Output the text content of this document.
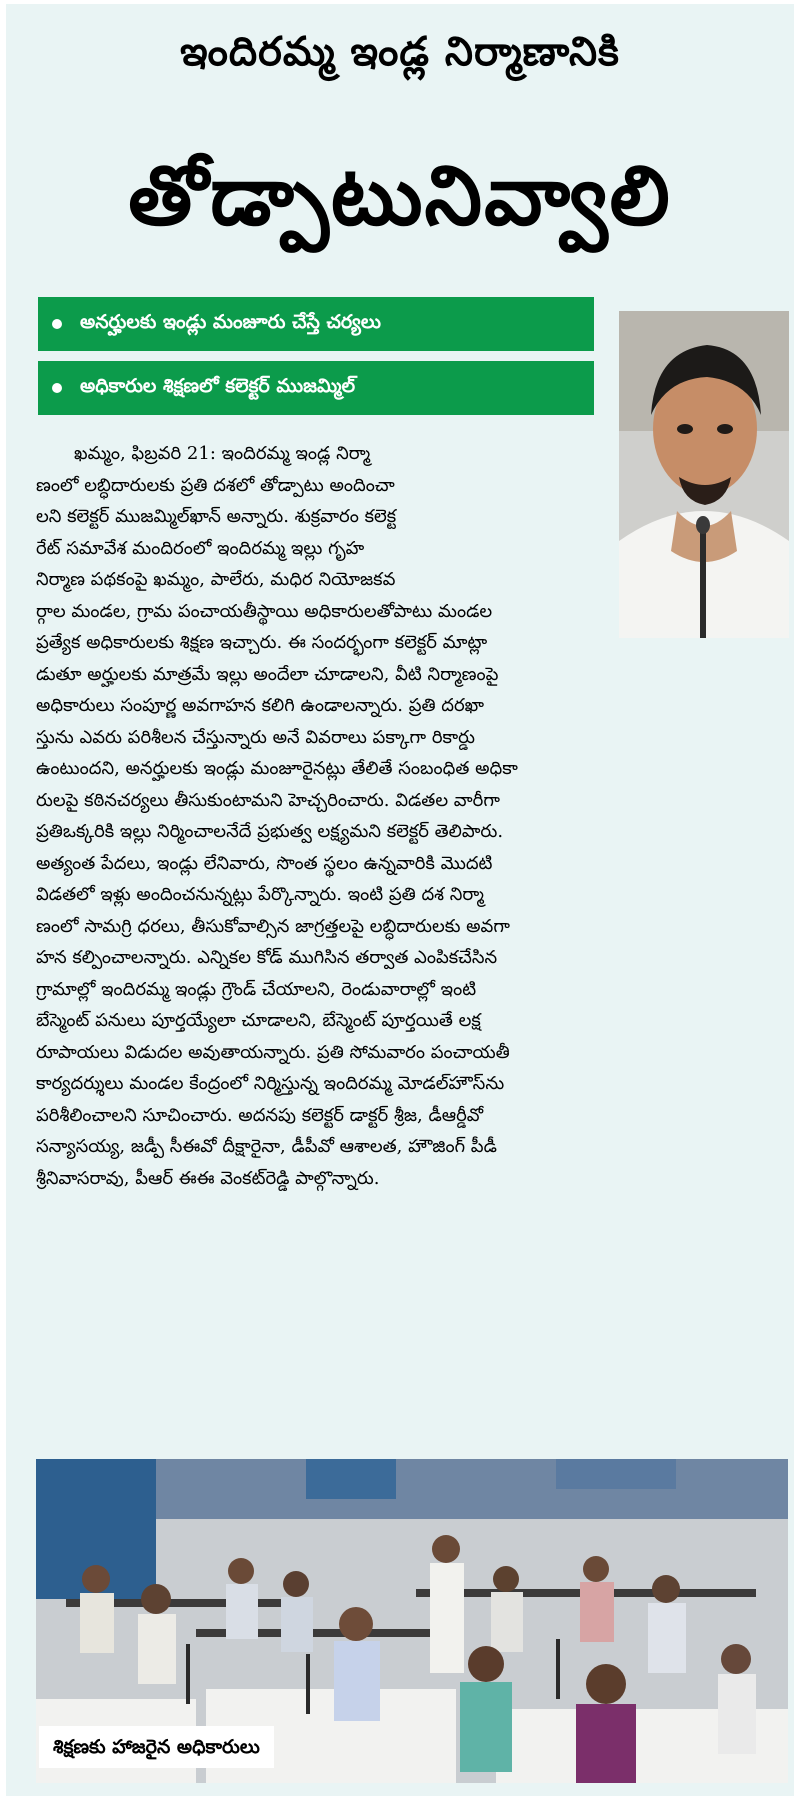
ఇందిరమ్మ ఇండ్ల నిర్మాణానికి
తోడ్పాటునివ్వాలి
అనర్హులకు ఇండ్లు మంజూరు చేస్తే చర్యలు
అధికారుల శిక్షణలో కలెక్టర్ ముజమ్మిల్
ఖమ్మం, ఫిబ్రవరి 21: ఇందిరమ్మ ఇండ్ల నిర్మా
ణంలో లబ్ధిదారులకు ప్రతి దశలో తోడ్పాటు అందించా
లని కలెక్టర్ ముజమ్మిల్‌ఖాన్ అన్నారు. శుక్రవారం కలెక్ట
రేట్ సమావేశ మందిరంలో ఇందిరమ్మ ఇల్లు గృహ
నిర్మాణ పథకంపై ఖమ్మం, పాలేరు, మధిర నియోజకవ
ర్గాల మండల, గ్రామ పంచాయతీస్థాయి అధికారులతోపాటు మండల
ప్రత్యేక అధికారులకు శిక్షణ ఇచ్చారు. ఈ సందర్భంగా కలెక్టర్ మాట్లా
డుతూ అర్హులకు మాత్రమే ఇల్లు అందేలా చూడాలని, వీటి నిర్మాణంపై
అధికారులు సంపూర్ణ అవగాహన కలిగి ఉండాలన్నారు. ప్రతి దరఖా
స్తును ఎవరు పరిశీలన చేస్తున్నారు అనే వివరాలు పక్కాగా రికార్డు
ఉంటుందని, అనర్హులకు ఇండ్లు మంజూరైనట్లు తేలితే సంబంధిత అధికా
రులపై కఠినచర్యలు తీసుకుంటామని హెచ్చరించారు. విడతల వారీగా
ప్రతిఒక్కరికి ఇల్లు నిర్మించాలనేదే ప్రభుత్వ లక్ష్యమని కలెక్టర్ తెలిపారు.
అత్యంత పేదలు, ఇండ్లు లేనివారు, సొంత స్థలం ఉన్నవారికి మొదటి
విడతలో ఇళ్లు అందించనున్నట్లు పేర్కొన్నారు. ఇంటి ప్రతి దశ నిర్మా
ణంలో సామగ్రి ధరలు, తీసుకోవాల్సిన జాగ్రత్తలపై లబ్ధిదారులకు అవగా
హన కల్పించాలన్నారు. ఎన్నికల కోడ్ ముగిసిన తర్వాత ఎంపికచేసిన
గ్రామాల్లో ఇందిరమ్మ ఇండ్లు గ్రౌండ్ చేయాలని, రెండువారాల్లో ఇంటి
బేస్మెంట్ పనులు పూర్తయ్యేలా చూడాలని, బేస్మెంట్ పూర్తయితే లక్ష
రూపాయలు విడుదల అవుతాయన్నారు. ప్రతి సోమవారం పంచాయతీ
కార్యదర్శులు మండల కేంద్రంలో నిర్మిస్తున్న ఇందిరమ్మ మోడల్‌హౌస్‌ను
పరిశీలించాలని సూచించారు. అదనపు కలెక్టర్ డాక్టర్ శ్రీజ, డీఆర్డీవో
సన్యాసయ్య, జడ్పీ సీఈవో దీక్షారైనా, డీపీవో ఆశాలత, హౌజింగ్ పీడీ
శ్రీనివాసరావు, పీఆర్ ఈఈ వెంకట్‌రెడ్డి పాల్గొన్నారు.
శిక్షణకు హాజరైన అధికారులు
